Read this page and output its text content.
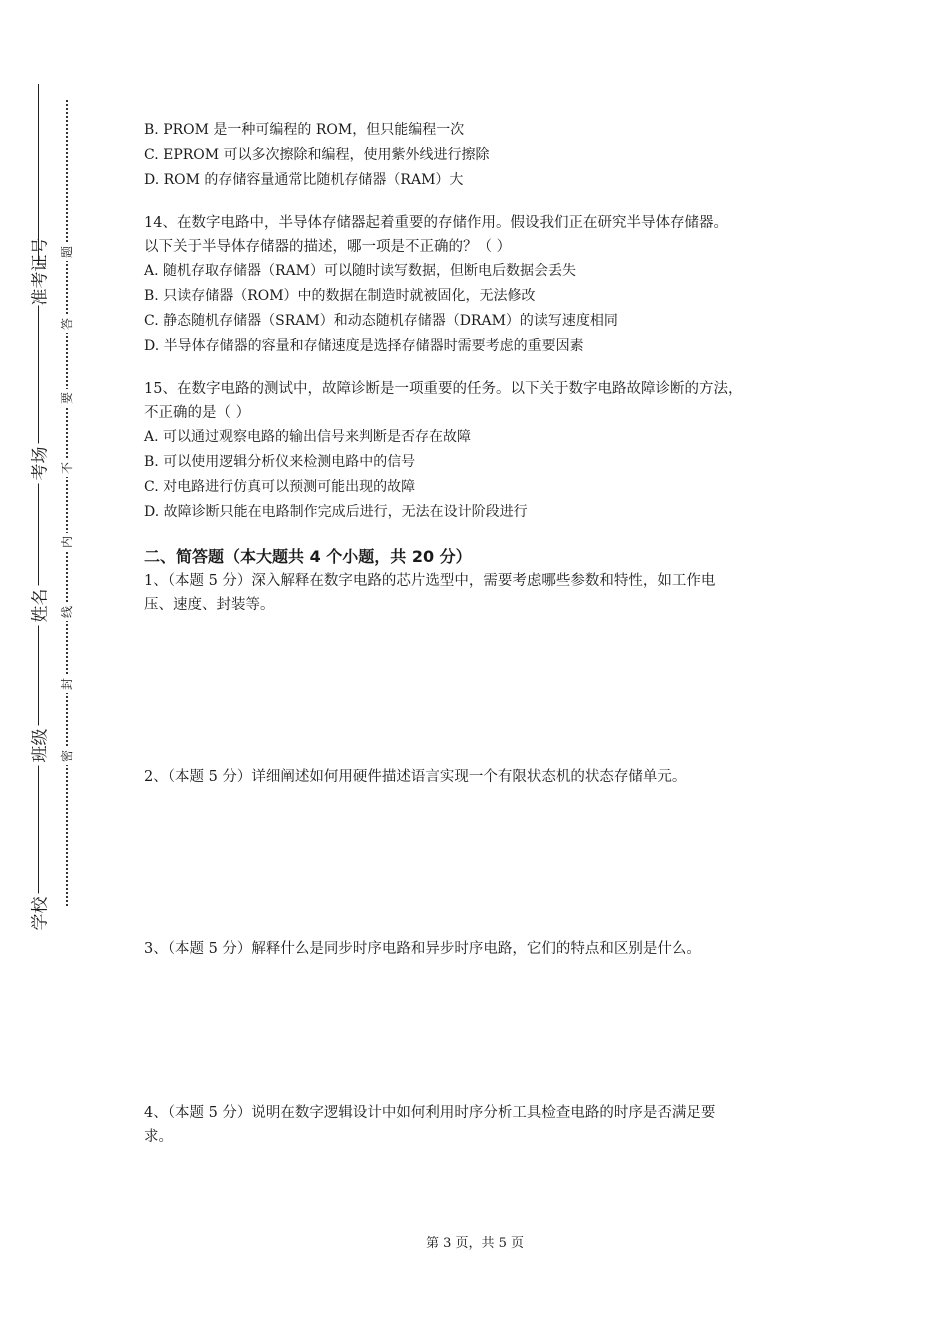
准考证号
考场
姓名
班级
学校
题
答
要
不
内
线
封
密
B. PROM 是一种可编程的 ROM，但只能编程一次
C. EPROM 可以多次擦除和编程，使用紫外线进行擦除
D. ROM 的存储容量通常比随机存储器（RAM）大
14、在数字电路中，半导体存储器起着重要的存储作用。假设我们正在研究半导体存储器。
以下关于半导体存储器的描述，哪一项是不正确的？（ ）
A. 随机存取存储器（RAM）可以随时读写数据，但断电后数据会丢失
B. 只读存储器（ROM）中的数据在制造时就被固化，无法修改
C. 静态随机存储器（SRAM）和动态随机存储器（DRAM）的读写速度相同
D. 半导体存储器的容量和存储速度是选择存储器时需要考虑的重要因素
15、在数字电路的测试中，故障诊断是一项重要的任务。以下关于数字电路故障诊断的方法，
不正确的是（ ）
A. 可以通过观察电路的输出信号来判断是否存在故障
B. 可以使用逻辑分析仪来检测电路中的信号
C. 对电路进行仿真可以预测可能出现的故障
D. 故障诊断只能在电路制作完成后进行，无法在设计阶段进行
二、简答题（本大题共 4 个小题，共 20 分）
1、（本题 5 分）深入解释在数字电路的芯片选型中，需要考虑哪些参数和特性，如工作电
压、速度、封装等。
2、（本题 5 分）详细阐述如何用硬件描述语言实现一个有限状态机的状态存储单元。
3、（本题 5 分）解释什么是同步时序电路和异步时序电路，它们的特点和区别是什么。
4、（本题 5 分）说明在数字逻辑设计中如何利用时序分析工具检查电路的时序是否满足要
求。
第 3 页，共 5 页
